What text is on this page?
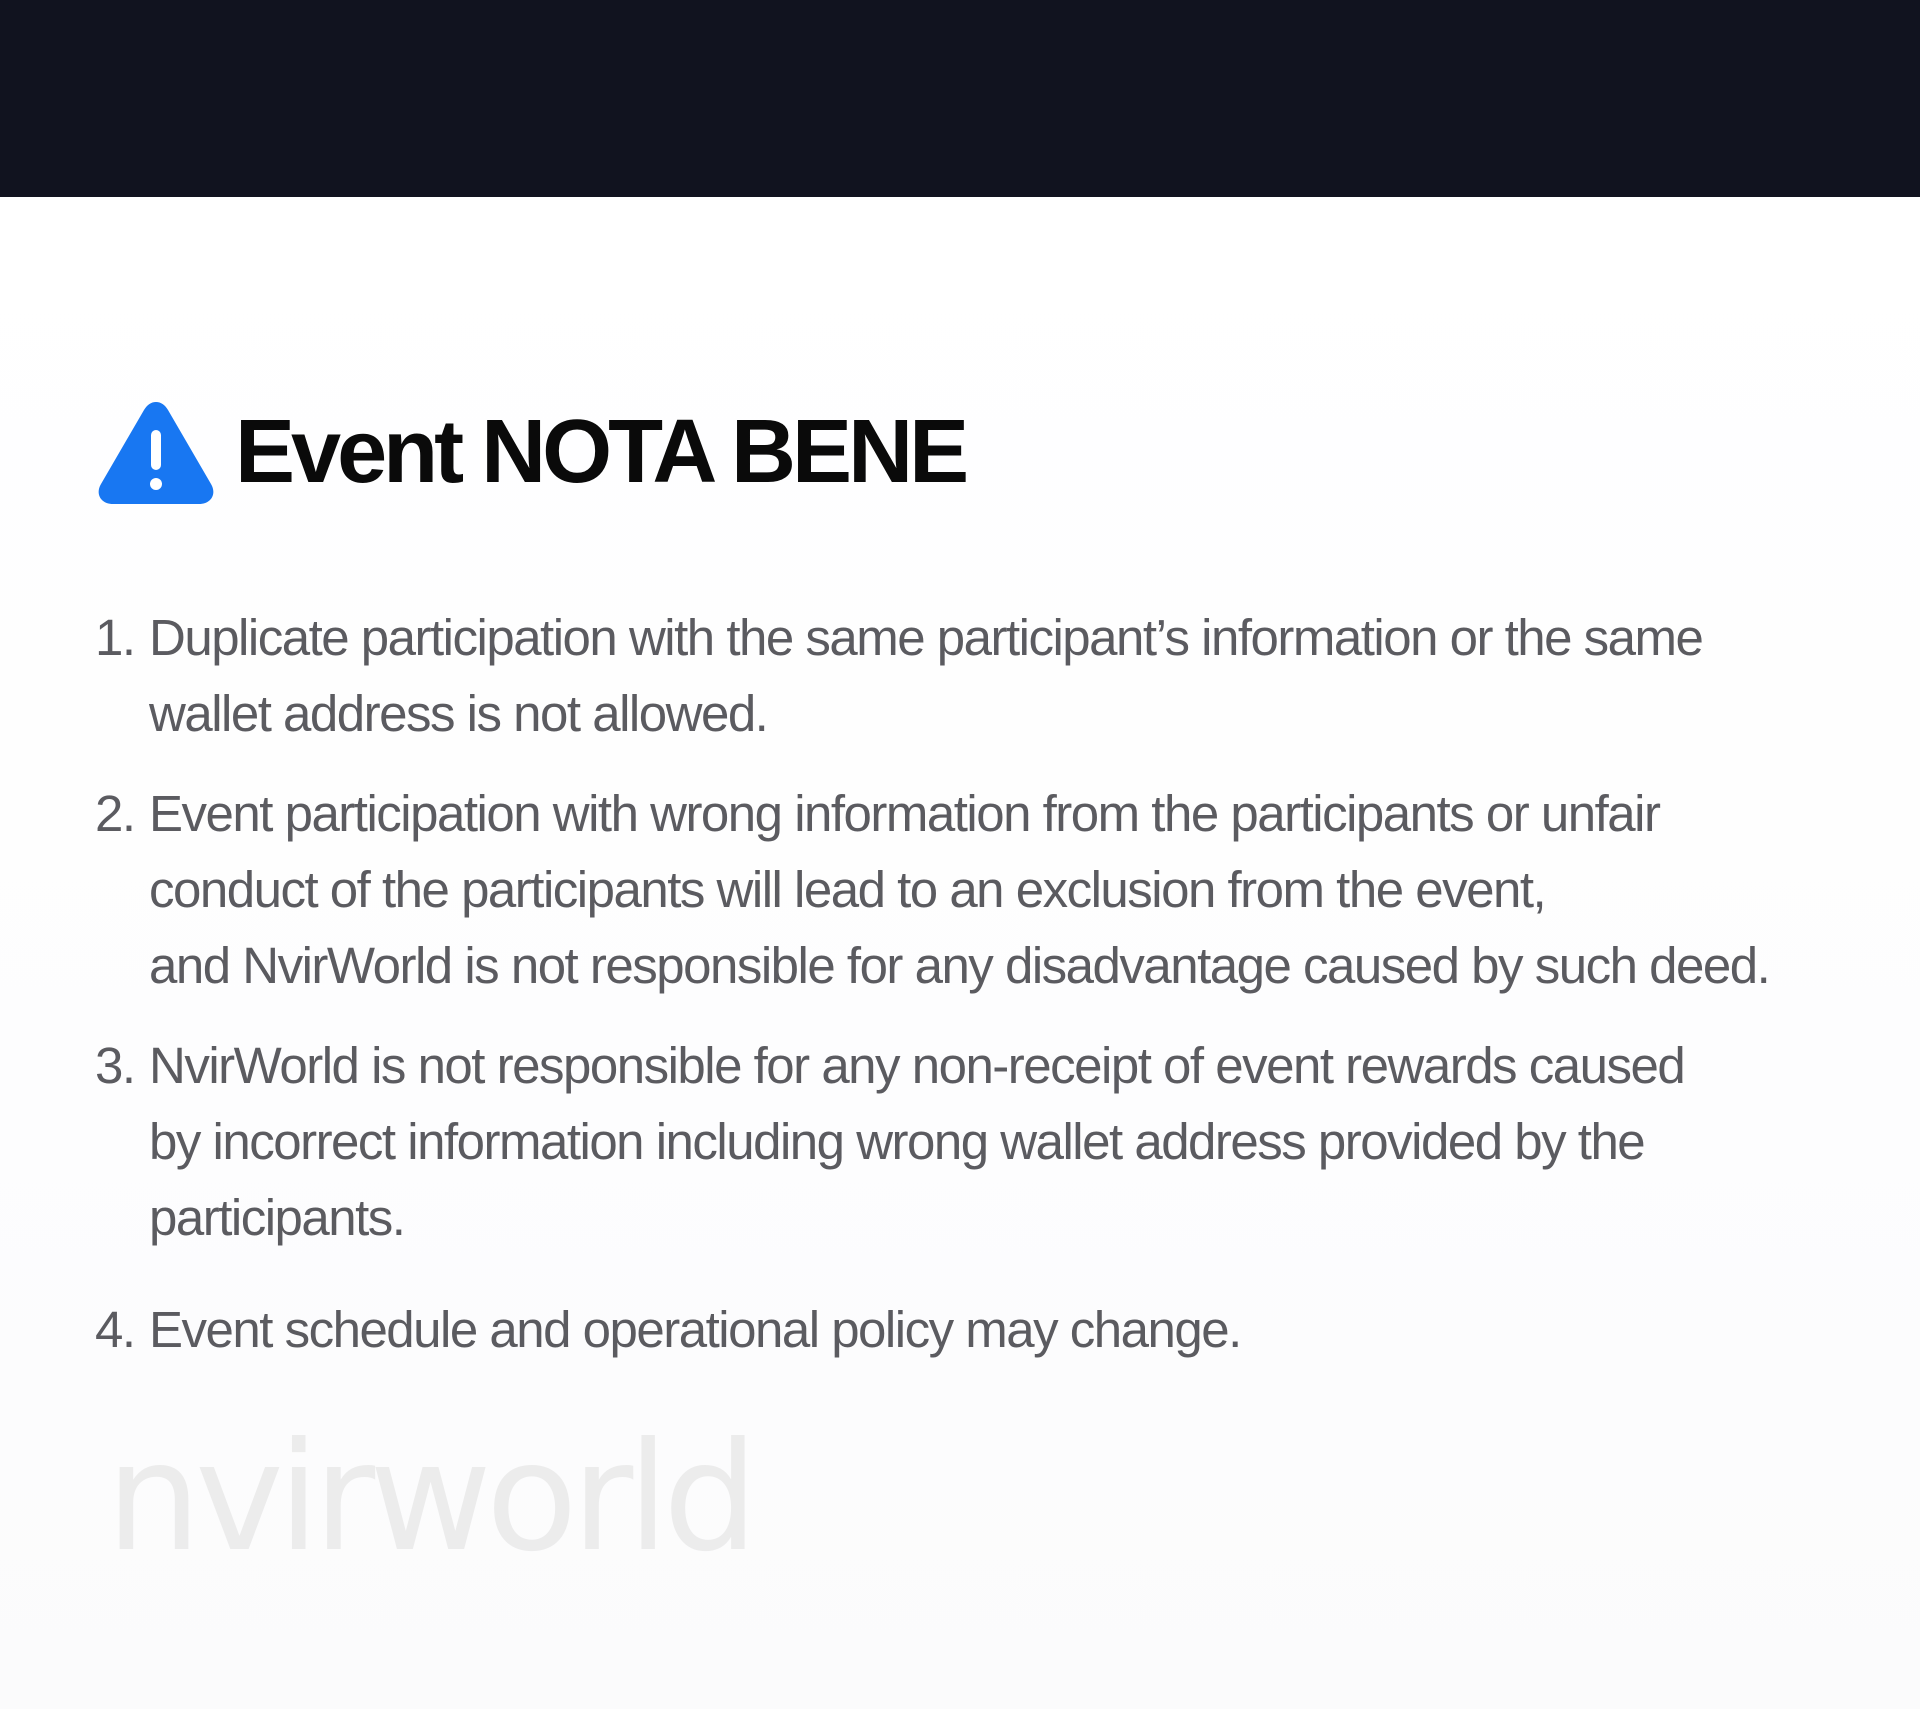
Event NOTA BENE
1. Duplicate participation with the same participant’s information or the same
wallet address is not allowed.
2. Event participation with wrong information from the participants or unfair
conduct of the participants will lead to an exclusion from the event,
and NvirWorld is not responsible for any disadvantage caused by such deed.
3. NvirWorld is not responsible for any non-receipt of event rewards caused
by incorrect information including wrong wallet address provided by the
participants.
4. Event schedule and operational policy may change.
nvirworld
